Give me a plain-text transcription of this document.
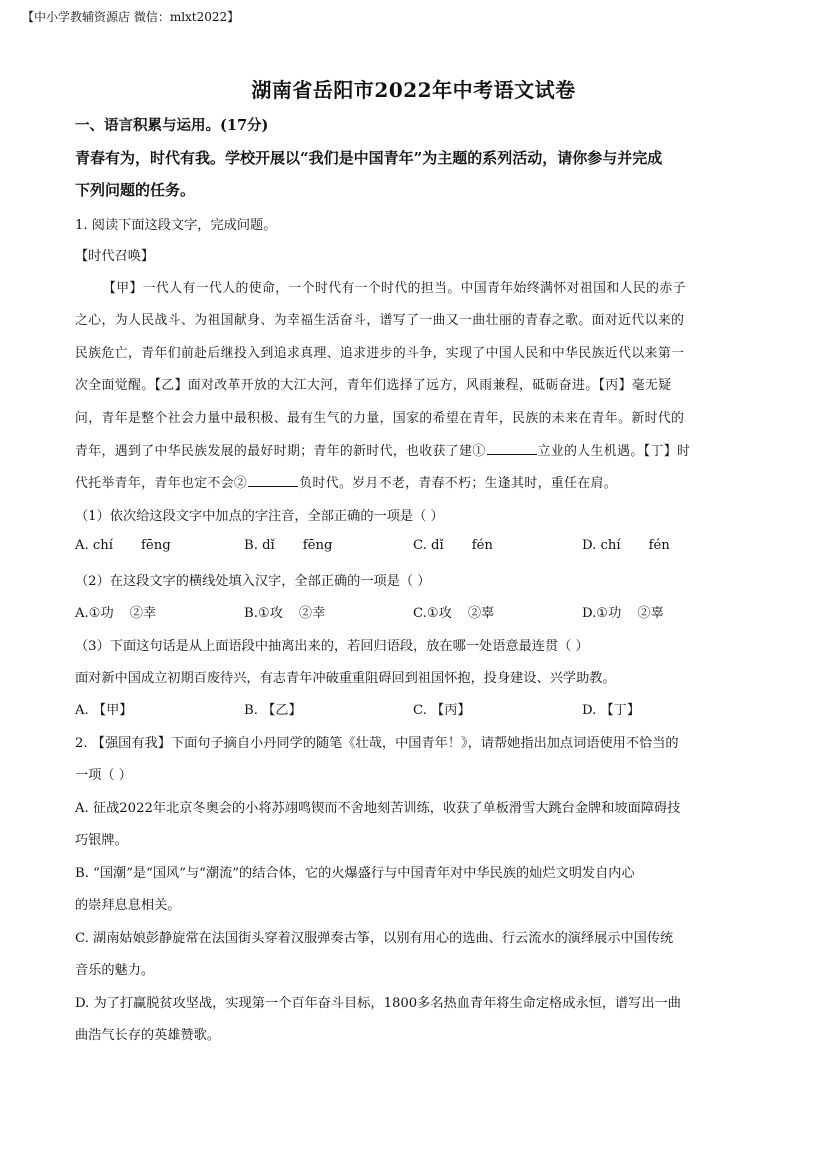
【中小学教辅资源店 微信：mlxt2022】
湖南省岳阳市2022年中考语文试卷
一、语言积累与运用。(17分)
青春有为，时代有我。学校开展以“我们是中国青年”为主题的系列活动，请你参与并完成
下列问题的任务。
1. 阅读下面这段文字，完成问题。
【时代召唤】
【甲】一代人有一代人的使命，一个时代有一个时代的担当。中国青年始终满怀对祖国和人民的赤子
之心，为人民战斗、为祖国献身、为幸福生活奋斗，谱写了一曲又一曲壮丽的青春之歌。面对近代以来的
民族危亡，青年们前赴后继投入到追求真理、追求进步的斗争，实现了中国人民和中华民族近代以来第一
次全面觉醒。【乙】面对改革开放的大江大河，青年们选择了远方，风雨兼程，砥砺奋进。【丙】毫无疑
问，青年是整个社会力量中最积极、最有生气的力量，国家的希望在青年，民族的未来在青年。新时代的
青年，遇到了中华民族发展的最好时期；青年的新时代，也收获了建①	立业的人生机遇。【丁】时
代托举青年，青年也定不会②	负时代。岁月不老，青春不朽；生逢其时，重任在肩。
（1）依次给这段文字中加点的字注音，全部正确的一项是（ ）
A. chí fēng	B. dǐ fēng	C. dǐ fén	D. chí fén
（2）在这段文字的横线处填入汉字，全部正确的一项是（ ）
A.①功 ②幸	B.①攻 ②幸	C.①攻 ②辜	D.①功 ②辜
（3）下面这句话是从上面语段中抽离出来的，若回归语段，放在哪一处语意最连贯（ ）
面对新中国成立初期百废待兴，有志青年冲破重重阻碍回到祖国怀抱，投身建设、兴学助教。
A. 【甲】	B. 【乙】	C. 【丙】	D. 【丁】
2. 【强国有我】下面句子摘自小丹同学的随笔《壮哉，中国青年！》，请帮她指出加点词语使用不恰当的
一项（ ）
A. 征战2022年北京冬奥会的小将苏翊鸣锲而不舍地刻苦训练，收获了单板滑雪大跳台金牌和坡面障碍技
巧银牌。
B. “国潮”是“国风”与“潮流”的结合体，它的火爆盛行与中国青年对中华民族的灿烂文明发自内心
的崇拜息息相关。
C. 湖南姑娘彭静旋常在法国街头穿着汉服弹奏古筝，以别有用心的选曲、行云流水的演绎展示中国传统
音乐的魅力。
D. 为了打赢脱贫攻坚战，实现第一个百年奋斗目标，1800多名热血青年将生命定格成永恒，谱写出一曲
曲浩气长存的英雄赞歌。
